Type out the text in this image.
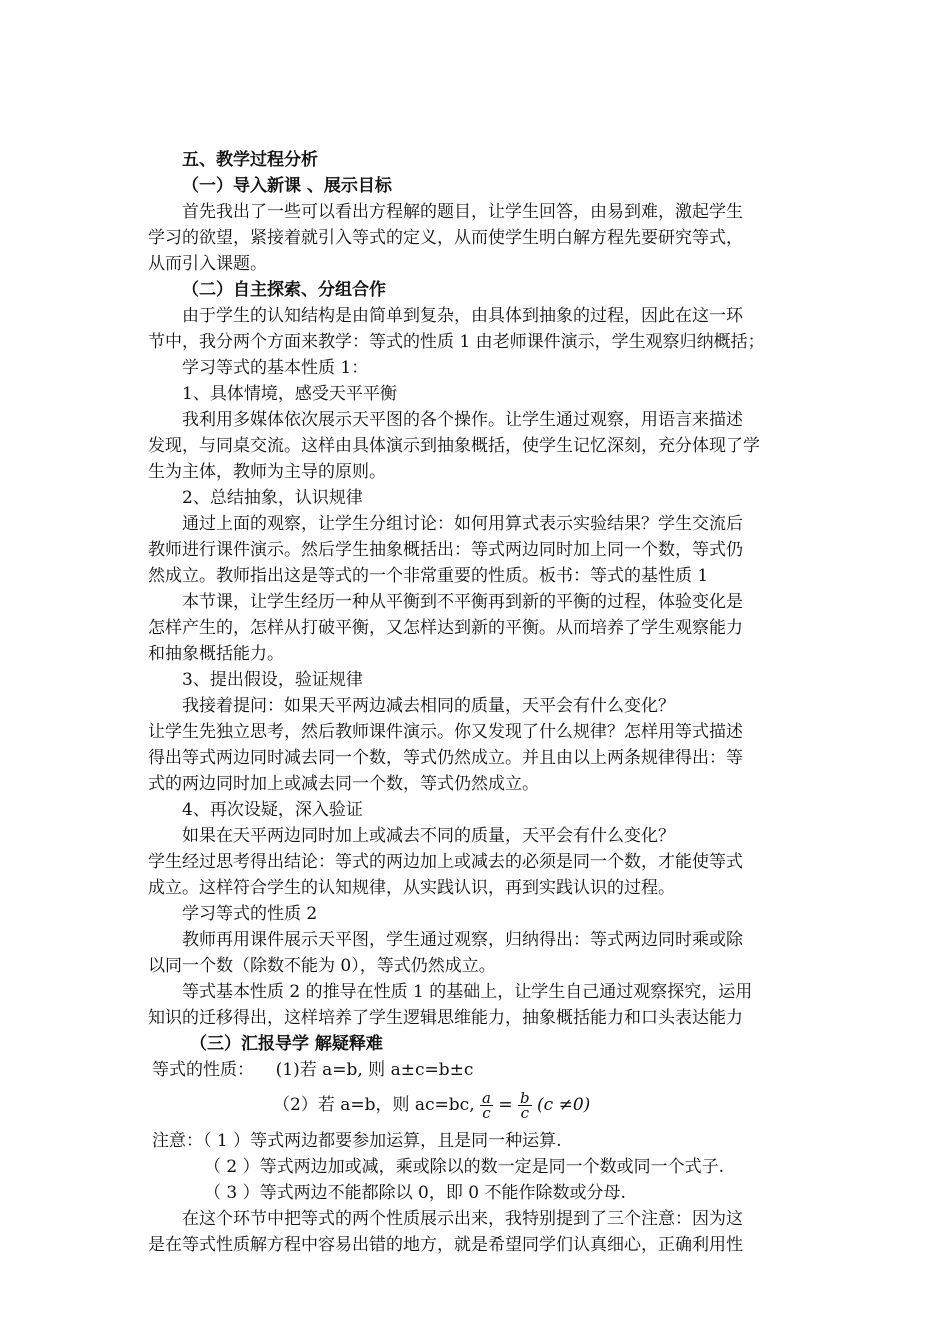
五、教学过程分析
（一）导入新课 、展示目标
首先我出了一些可以看出方程解的题目，让学生回答，由易到难，激起学生
学习的欲望，紧接着就引入等式的定义，从而使学生明白解方程先要研究等式，
从而引入课题。
（二）自主探索、分组合作
由于学生的认知结构是由简单到复杂，由具体到抽象的过程，因此在这一环
节中，我分两个方面来教学：等式的性质 1 由老师课件演示，学生观察归纳概括；
学习等式的基本性质 1：
1、具体情境，感受天平平衡
我利用多媒体依次展示天平图的各个操作。让学生通过观察，用语言来描述
发现，与同桌交流。这样由具体演示到抽象概括，使学生记忆深刻，充分体现了学
生为主体，教师为主导的原则。
2、总结抽象，认识规律
通过上面的观察，让学生分组讨论：如何用算式表示实验结果？学生交流后
教师进行课件演示。然后学生抽象概括出：等式两边同时加上同一个数，等式仍
然成立。教师指出这是等式的一个非常重要的性质。板书：等式的基性质 1
本节课，让学生经历一种从平衡到不平衡再到新的平衡的过程，体验变化是
怎样产生的，怎样从打破平衡，又怎样达到新的平衡。从而培养了学生观察能力
和抽象概括能力。
3、提出假设，验证规律
我接着提问：如果天平两边减去相同的质量，天平会有什么变化？
让学生先独立思考，然后教师课件演示。你又发现了什么规律？怎样用等式描述
得出等式两边同时减去同一个数，等式仍然成立。并且由以上两条规律得出：等
式的两边同时加上或减去同一个数，等式仍然成立。
4、再次设疑，深入验证
如果在天平两边同时加上或减去不同的质量，天平会有什么变化？
学生经过思考得出结论：等式的两边加上或减去的必须是同一个数，才能使等式
成立。这样符合学生的认知规律，从实践认识，再到实践认识的过程。
学习等式的性质 2
教师再用课件展示天平图，学生通过观察，归纳得出：等式两边同时乘或除
以同一个数（除数不能为 0），等式仍然成立。
等式基本性质 2 的推导在性质 1 的基础上，让学生自己通过观察探究，运用
知识的迁移得出，这样培养了学生逻辑思维能力，抽象概括能力和口头表达能力
（三）汇报导学 解疑释难
等式的性质： (1)若 a=b, 则 a±c=b±c
（2）若 a=b，则 ac=bc, $\frac{a}{c} = \frac{b}{c} (c \ne 0)$
注意：（ 1 ）等式两边都要参加运算，且是同一种运算.
（ 2 ）等式两边加或减，乘或除以的数一定是同一个数或同一个式子.
（ 3 ）等式两边不能都除以 0，即 0 不能作除数或分母.
在这个环节中把等式的两个性质展示出来，我特别提到了三个注意：因为这
是在等式性质解方程中容易出错的地方，就是希望同学们认真细心，正确利用性
